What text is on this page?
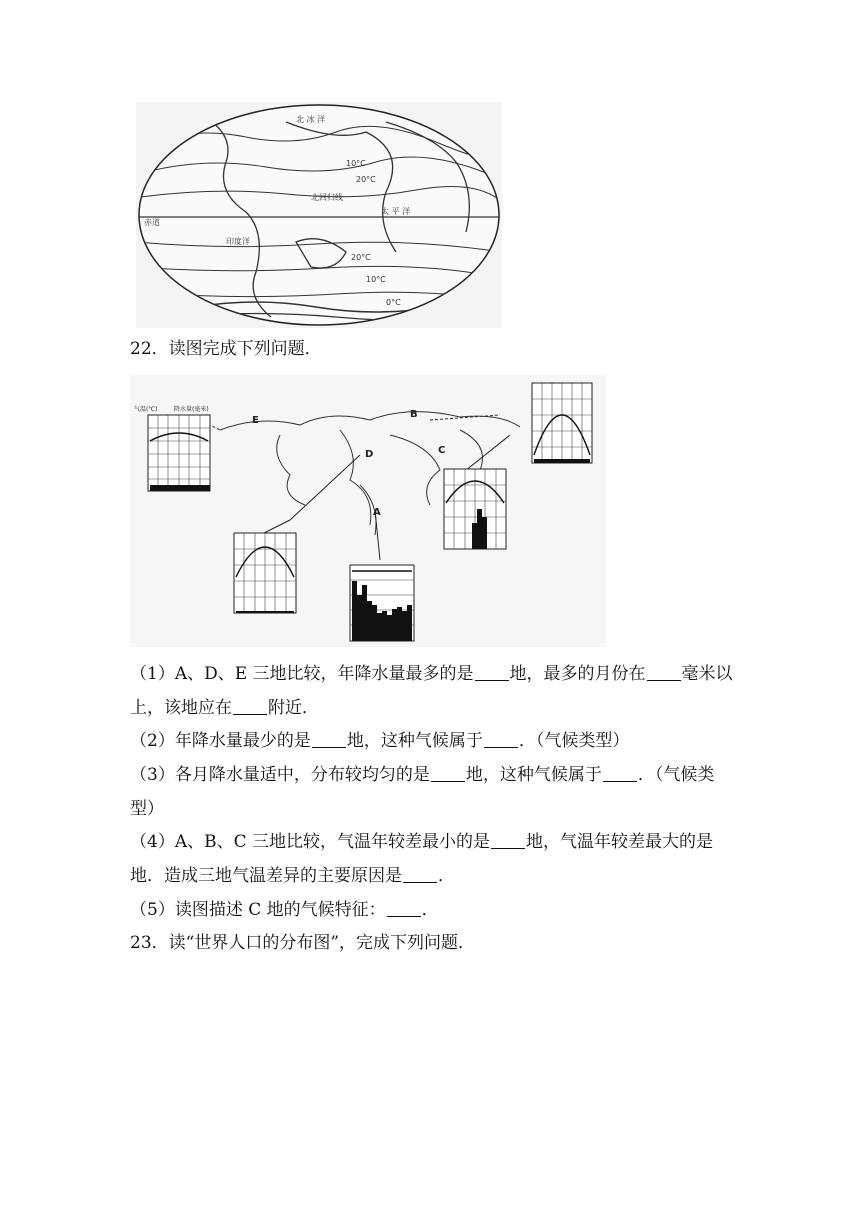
北 冰 洋
北回归线
太 平 洋
印度洋
赤道
10°C
20°C
20°C
10°C
0°C
22．读图完成下列问题．
E
B
D	C
A
气温(℃)	降水量(毫米)
（1）A、D、E 三地比较，年降水量最多的是 地，最多的月份在 毫米以
上，该地应在 附近．
（2）年降水量最少的是 地，这种气候属于 ．（气候类型）
（3）各月降水量适中，分布较均匀的是 地，这种气候属于 ．（气候类
型）
（4）A、B、C 三地比较，气温年较差最小的是 地，气温年较差最大的是
地．造成三地气温差异的主要原因是 ．
（5）读图描述 C 地的气候特征： ．
23．读“世界人口的分布图”，完成下列问题．
